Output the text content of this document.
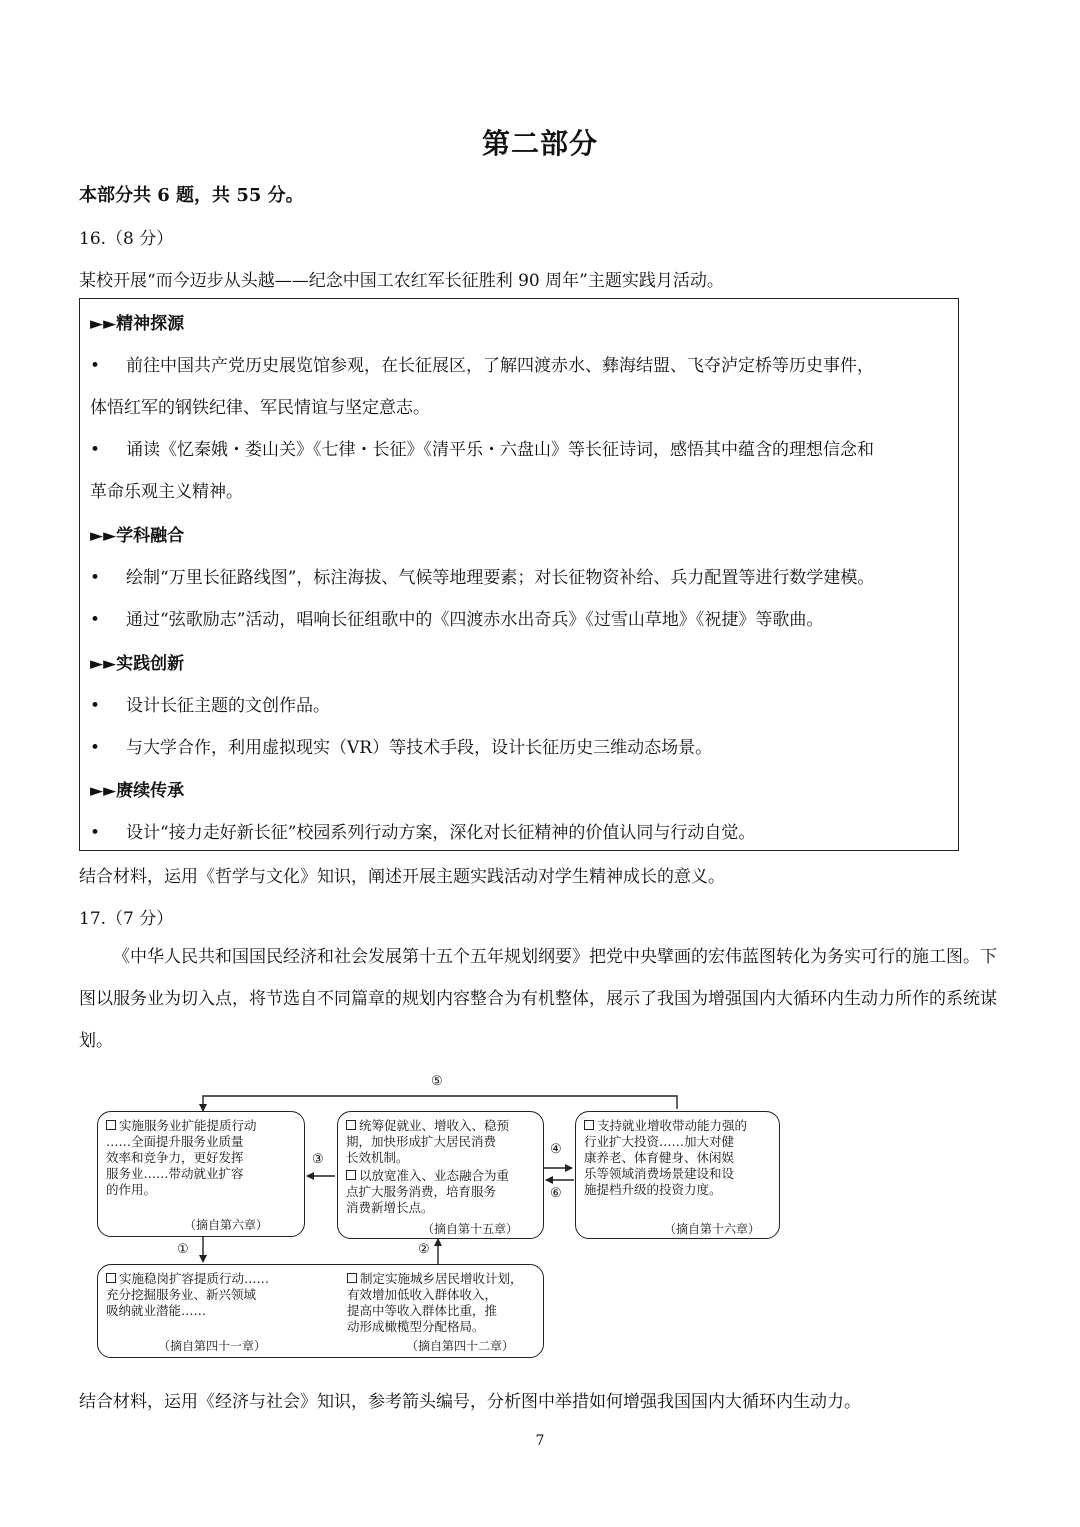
第二部分
本部分共 6 题，共 55 分。
16.（8 分）
某校开展“而今迈步从头越——纪念中国工农红军长征胜利 90 周年”主题实践月活动。
►►精神探源
• 前往中国共产党历史展览馆参观，在长征展区，了解四渡赤水、彝海结盟、飞夺泸定桥等历史事件，
体悟红军的钢铁纪律、军民情谊与坚定意志。
• 诵读《忆秦娥・娄山关》《七律・长征》《清平乐・六盘山》等长征诗词，感悟其中蕴含的理想信念和
革命乐观主义精神。
►►学科融合
• 绘制“万里长征路线图”，标注海拔、气候等地理要素；对长征物资补给、兵力配置等进行数学建模。
• 通过“弦歌励志”活动，唱响长征组歌中的《四渡赤水出奇兵》《过雪山草地》《祝捷》等歌曲。
►►实践创新
• 设计长征主题的文创作品。
• 与大学合作，利用虚拟现实（VR）等技术手段，设计长征历史三维动态场景。
►►赓续传承
• 设计“接力走好新长征”校园系列行动方案，深化对长征精神的价值认同与行动自觉。
结合材料，运用《哲学与文化》知识，阐述开展主题实践活动对学生精神成长的意义。
17.（7 分）
《中华人民共和国国民经济和社会发展第十五个五年规划纲要》把党中央擘画的宏伟蓝图转化为务实可行的施工图。下图以服务业为切入点，将节选自不同篇章的规划内容整合为有机整体，展示了我国为增强国内大循环内生动力所作的系统谋划。
⑤
③
④
⑥
①	②
实施服务业扩能提质行动
……全面提升服务业质量
效率和竞争力，更好发挥
服务业……带动就业扩容
的作用。
（摘自第六章）
统筹促就业、增收入、稳预
期，加快形成扩大居民消费
长效机制。
以放宽准入、业态融合为重
点扩大服务消费，培育服务
消费新增长点。
（摘自第十五章）
支持就业增收带动能力强的
行业扩大投资……加大对健
康养老、体育健身、休闲娱
乐等领域消费场景建设和设
施提档升级的投资力度。
（摘自第十六章）
实施稳岗扩容提质行动……
充分挖掘服务业、新兴领域
吸纳就业潜能……
（摘自第四十一章）
制定实施城乡居民增收计划，
有效增加低收入群体收入，
提高中等收入群体比重，推
动形成橄榄型分配格局。
（摘自第四十二章）
结合材料，运用《经济与社会》知识，参考箭头编号，分析图中举措如何增强我国国内大循环内生动力。
7
